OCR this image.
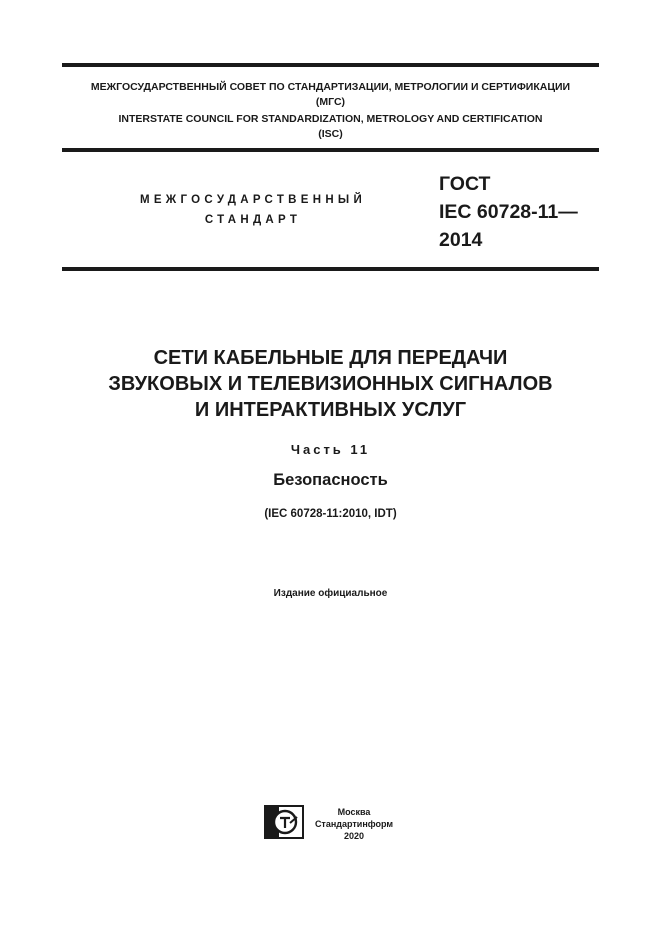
МЕЖГОСУДАРСТВЕННЫЙ СОВЕТ ПО СТАНДАРТИЗАЦИИ, МЕТРОЛОГИИ И СЕРТИФИКАЦИИ
(МГС)
INTERSTATE COUNCIL FOR STANDARDIZATION, METROLOGY AND CERTIFICATION
(ISC)
МЕЖГОСУДАРСТВЕННЫЙ
СТАНДАРТ
ГОСТ
IEC 60728-11—
2014
СЕТИ КАБЕЛЬНЫЕ ДЛЯ ПЕРЕДАЧИ
ЗВУКОВЫХ И ТЕЛЕВИЗИОННЫХ СИГНАЛОВ
И ИНТЕРАКТИВНЫХ УСЛУГ
Часть 11
Безопасность
(IEC 60728-11:2010, IDT)
Издание официальное
Москва
Стандартинформ
2020
